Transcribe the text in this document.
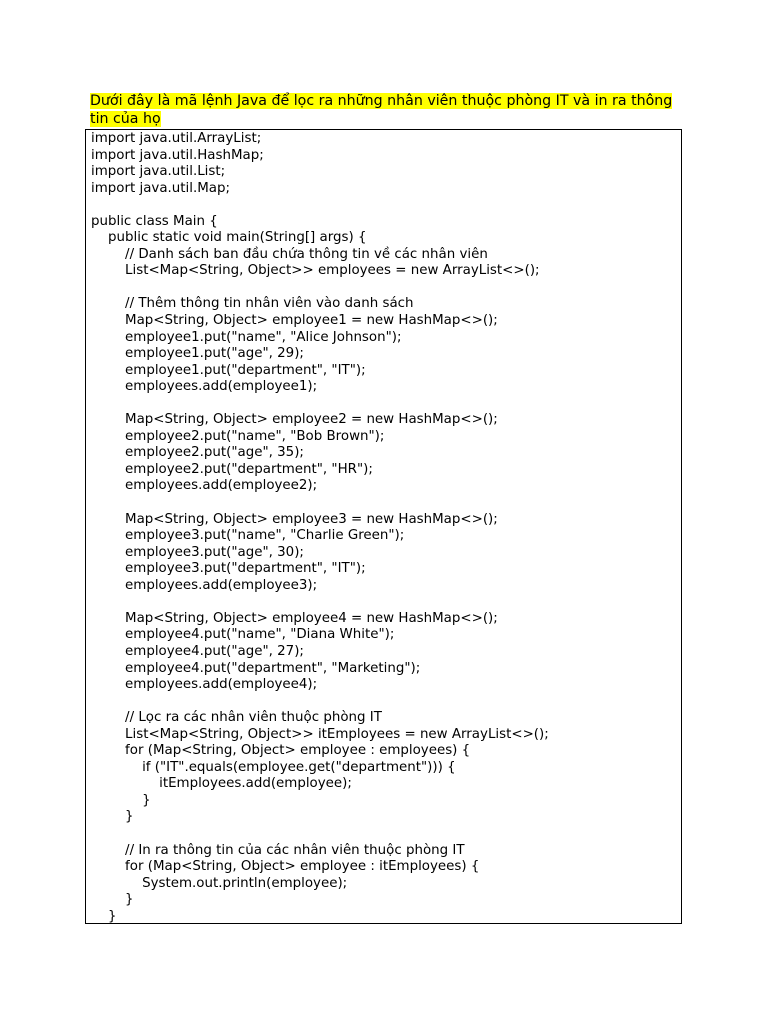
Dưới đây là mã lệnh Java để lọc ra những nhân viên thuộc phòng IT và in ra thông tin của họ

import java.util.ArrayList;
import java.util.HashMap;
import java.util.List;
import java.util.Map;
public class Main {
public static void main(String[] args) {
// Danh sách ban đầu chứa thông tin về các nhân viên
List<Map<String, Object>> employees = new ArrayList<>();
// Thêm thông tin nhân viên vào danh sách
Map<String, Object> employee1 = new HashMap<>();
employee1.put("name", "Alice Johnson");
employee1.put("age", 29);
employee1.put("department", "IT");
employees.add(employee1);
Map<String, Object> employee2 = new HashMap<>();
employee2.put("name", "Bob Brown");
employee2.put("age", 35);
employee2.put("department", "HR");
employees.add(employee2);
Map<String, Object> employee3 = new HashMap<>();
employee3.put("name", "Charlie Green");
employee3.put("age", 30);
employee3.put("department", "IT");
employees.add(employee3);
Map<String, Object> employee4 = new HashMap<>();
employee4.put("name", "Diana White");
employee4.put("age", 27);
employee4.put("department", "Marketing");
employees.add(employee4);
// Lọc ra các nhân viên thuộc phòng IT
List<Map<String, Object>> itEmployees = new ArrayList<>();
for (Map<String, Object> employee : employees) {
if ("IT".equals(employee.get("department"))) {
itEmployees.add(employee);
}
}
// In ra thông tin của các nhân viên thuộc phòng IT
for (Map<String, Object> employee : itEmployees) {
System.out.println(employee);
}
}
